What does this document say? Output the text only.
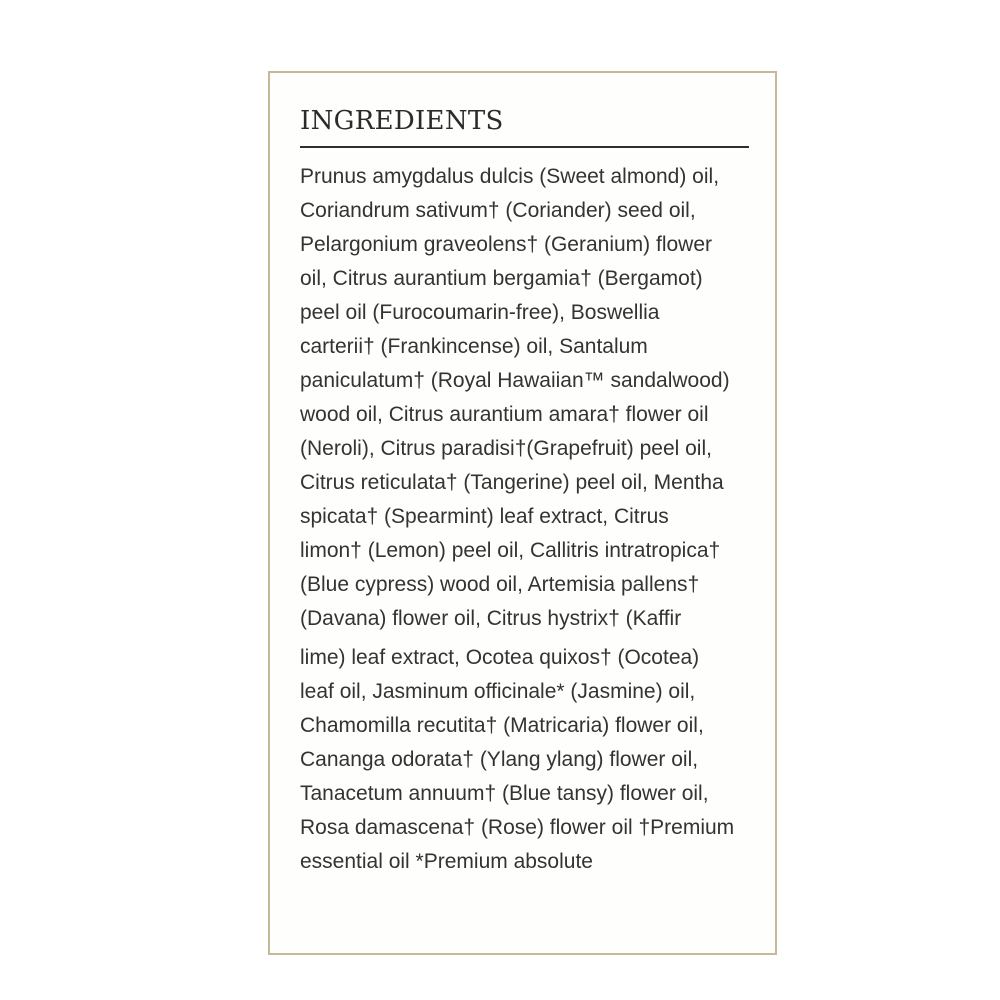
INGREDIENTS
Prunus amygdalus dulcis (Sweet almond) oil,
Coriandrum sativum† (Coriander) seed oil,
Pelargonium graveolens† (Geranium) flower
oil, Citrus aurantium bergamia† (Bergamot)
peel oil (Furocoumarin-free), Boswellia
carterii† (Frankincense) oil, Santalum
paniculatum† (Royal Hawaiian™ sandalwood)
wood oil, Citrus aurantium amara† flower oil
(Neroli), Citrus paradisi†(Grapefruit) peel oil,
Citrus reticulata† (Tangerine) peel oil, Mentha
spicata† (Spearmint) leaf extract, Citrus
limon† (Lemon) peel oil, Callitris intratropica†
(Blue cypress) wood oil, Artemisia pallens†
(Davana) flower oil, Citrus hystrix† (Kaffir
lime) leaf extract, Ocotea quixos† (Ocotea)
leaf oil, Jasminum officinale* (Jasmine) oil,
Chamomilla recutita† (Matricaria) flower oil,
Cananga odorata† (Ylang ylang) flower oil,
Tanacetum annuum† (Blue tansy) flower oil,
Rosa damascena† (Rose) flower oil †Premium
essential oil *Premium absolute
